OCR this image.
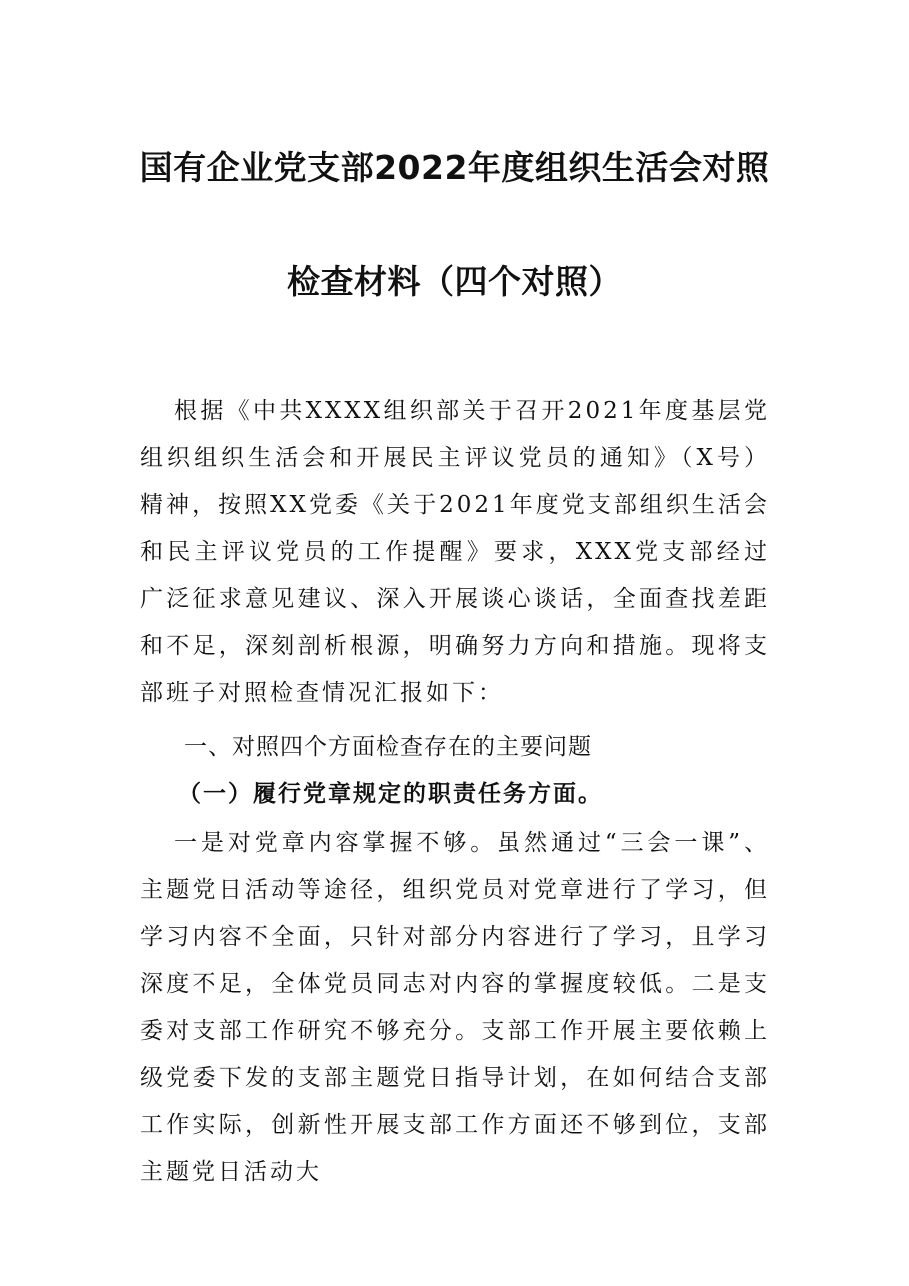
国有企业党支部2022年度组织生活会对照
检查材料（四个对照）
根据《中共XXXX组织部关于召开2021年度基层党组织组织生活会和开展民主评议党员的通知》（X号）精神，按照XX党委《关于2021年度党支部组织生活会和民主评议党员的工作提醒》要求，XXX党支部经过广泛征求意见建议、深入开展谈心谈话，全面查找差距和不足，深刻剖析根源，明确努力方向和措施。现将支部班子对照检查情况汇报如下：
一、对照四个方面检查存在的主要问题
（一）履行党章规定的职责任务方面。
一是对党章内容掌握不够。虽然通过“三会一课”、主题党日活动等途径，组织党员对党章进行了学习，但学习内容不全面，只针对部分内容进行了学习，且学习深度不足，全体党员同志对内容的掌握度较低。二是支委对支部工作研究不够充分。支部工作开展主要依赖上级党委下发的支部主题党日指导计划，在如何结合支部工作实际，创新性开展支部工作方面还不够到位，支部主题党日活动大
